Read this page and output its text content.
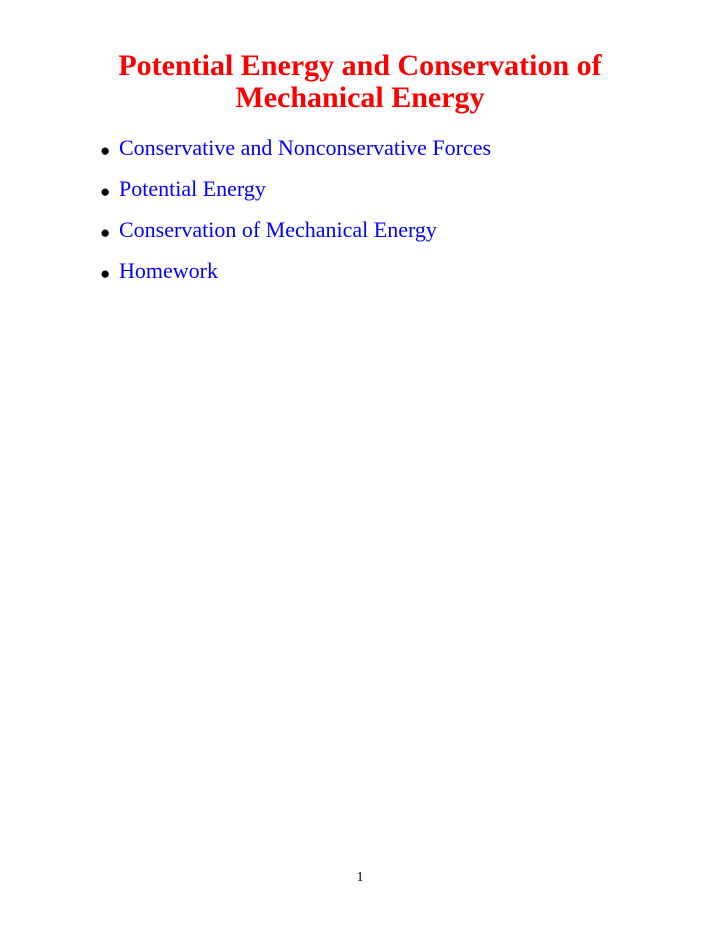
Potential Energy and Conservation of
Mechanical Energy
● Conservative and Nonconservative Forces
● Potential Energy
● Conservation of Mechanical Energy
● Homework
1
